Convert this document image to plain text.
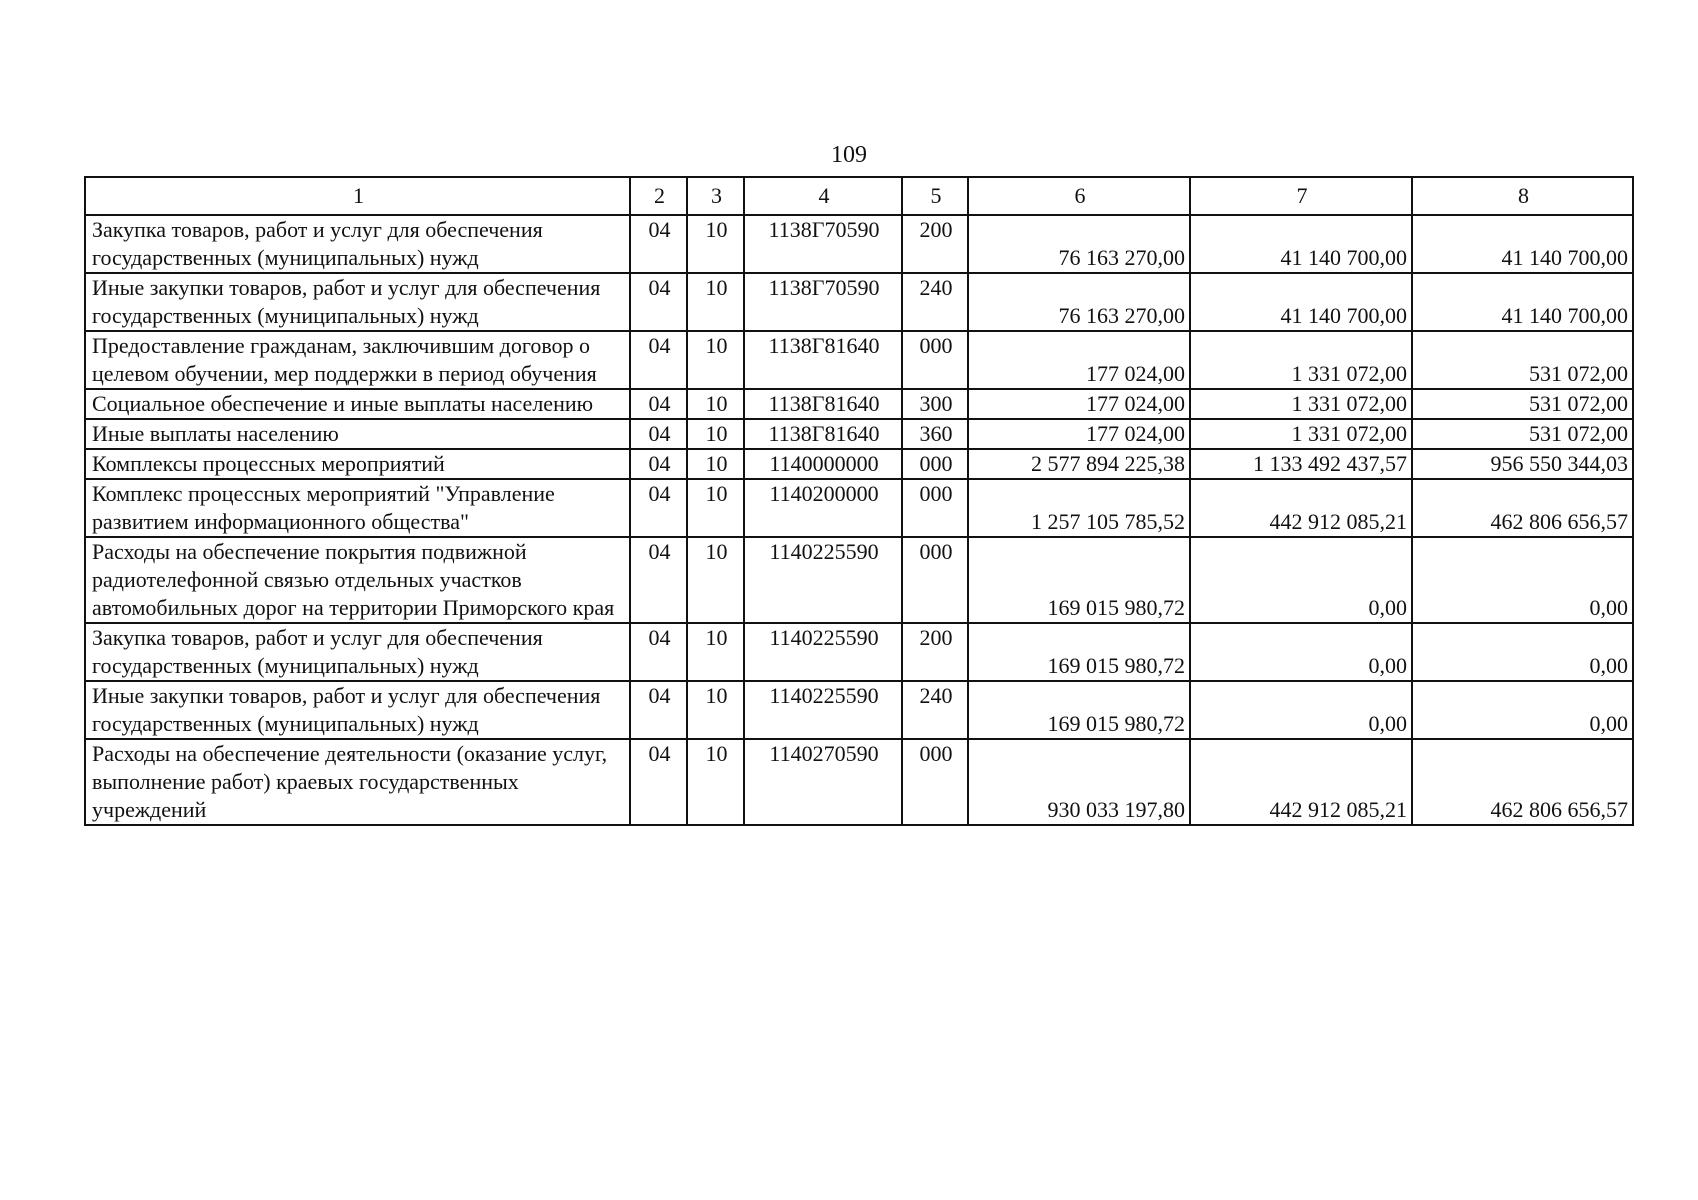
109
1	2	3	4	5	6	7	8
Закупка товаров, работ и услуг для обеспечения государственных (муниципальных) нужд	04	10	1138Г70590	200	76 163 270,00	41 140 700,00	41 140 700,00
Иные закупки товаров, работ и услуг для обеспечения государственных (муниципальных) нужд	04	10	1138Г70590	240	76 163 270,00	41 140 700,00	41 140 700,00
Предоставление гражданам, заключившим договор о целевом обучении, мер поддержки в период обучения	04	10	1138Г81640	000	177 024,00	1 331 072,00	531 072,00
Социальное обеспечение и иные выплаты населению	04	10	1138Г81640	300	177 024,00	1 331 072,00	531 072,00
Иные выплаты населению	04	10	1138Г81640	360	177 024,00	1 331 072,00	531 072,00
Комплексы процессных мероприятий	04	10	1140000000	000	2 577 894 225,38	1 133 492 437,57	956 550 344,03
Комплекс процессных мероприятий "Управление развитием информационного общества"	04	10	1140200000	000	1 257 105 785,52	442 912 085,21	462 806 656,57
Расходы на обеспечение покрытия подвижной радиотелефонной связью отдельных участков автомобильных дорог на территории Приморского края	04	10	1140225590	000	169 015 980,72	0,00	0,00
Закупка товаров, работ и услуг для обеспечения государственных (муниципальных) нужд	04	10	1140225590	200	169 015 980,72	0,00	0,00
Иные закупки товаров, работ и услуг для обеспечения государственных (муниципальных) нужд	04	10	1140225590	240	169 015 980,72	0,00	0,00
Расходы на обеспечение деятельности (оказание услуг, выполнение работ) краевых государственных учреждений	04	10	1140270590	000	930 033 197,80	442 912 085,21	462 806 656,57
